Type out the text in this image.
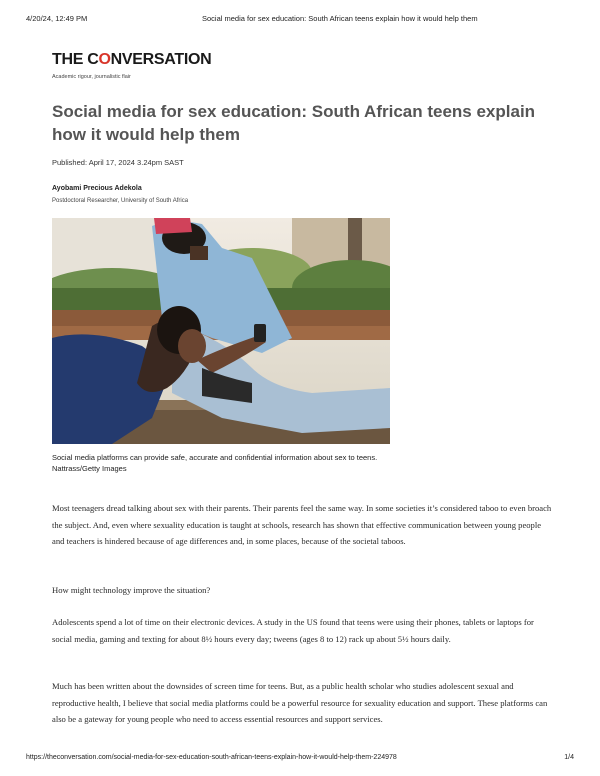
4/20/24, 12:49 PM	Social media for sex education: South African teens explain how it would help them
THE CONVERSATION
Academic rigour, journalistic flair
Social media for sex education: South African teens explain how it would help them
Published: April 17, 2024 3.24pm SAST
Ayobami Precious Adekola
Postdoctoral Researcher, University of South Africa
Social media platforms can provide safe, accurate and confidential information about sex to teens. Nattrass/Getty Images

Most teenagers dread talking about sex with their parents. Their parents feel the same way. In some societies it’s considered taboo to even broach the subject. And, even where sexuality education is taught at schools, research has shown that effective communication between young people and teachers is hindered because of age differences and, in some places, because of the societal taboos.

How might technology improve the situation?

Adolescents spend a lot of time on their electronic devices. A study in the US found that teens were using their phones, tablets or laptops for social media, gaming and texting for about 8½ hours every day; tweens (ages 8 to 12) rack up about 5½ hours daily.

Much has been written about the downsides of screen time for teens. But, as a public health scholar who studies adolescent sexual and reproductive health, I believe that social media platforms could be a powerful resource for sexuality education and support. These platforms can also be a gateway for young people who need to access essential resources and support services.

https://theconversation.com/social-media-for-sex-education-south-african-teens-explain-how-it-would-help-them-224978	1/4
